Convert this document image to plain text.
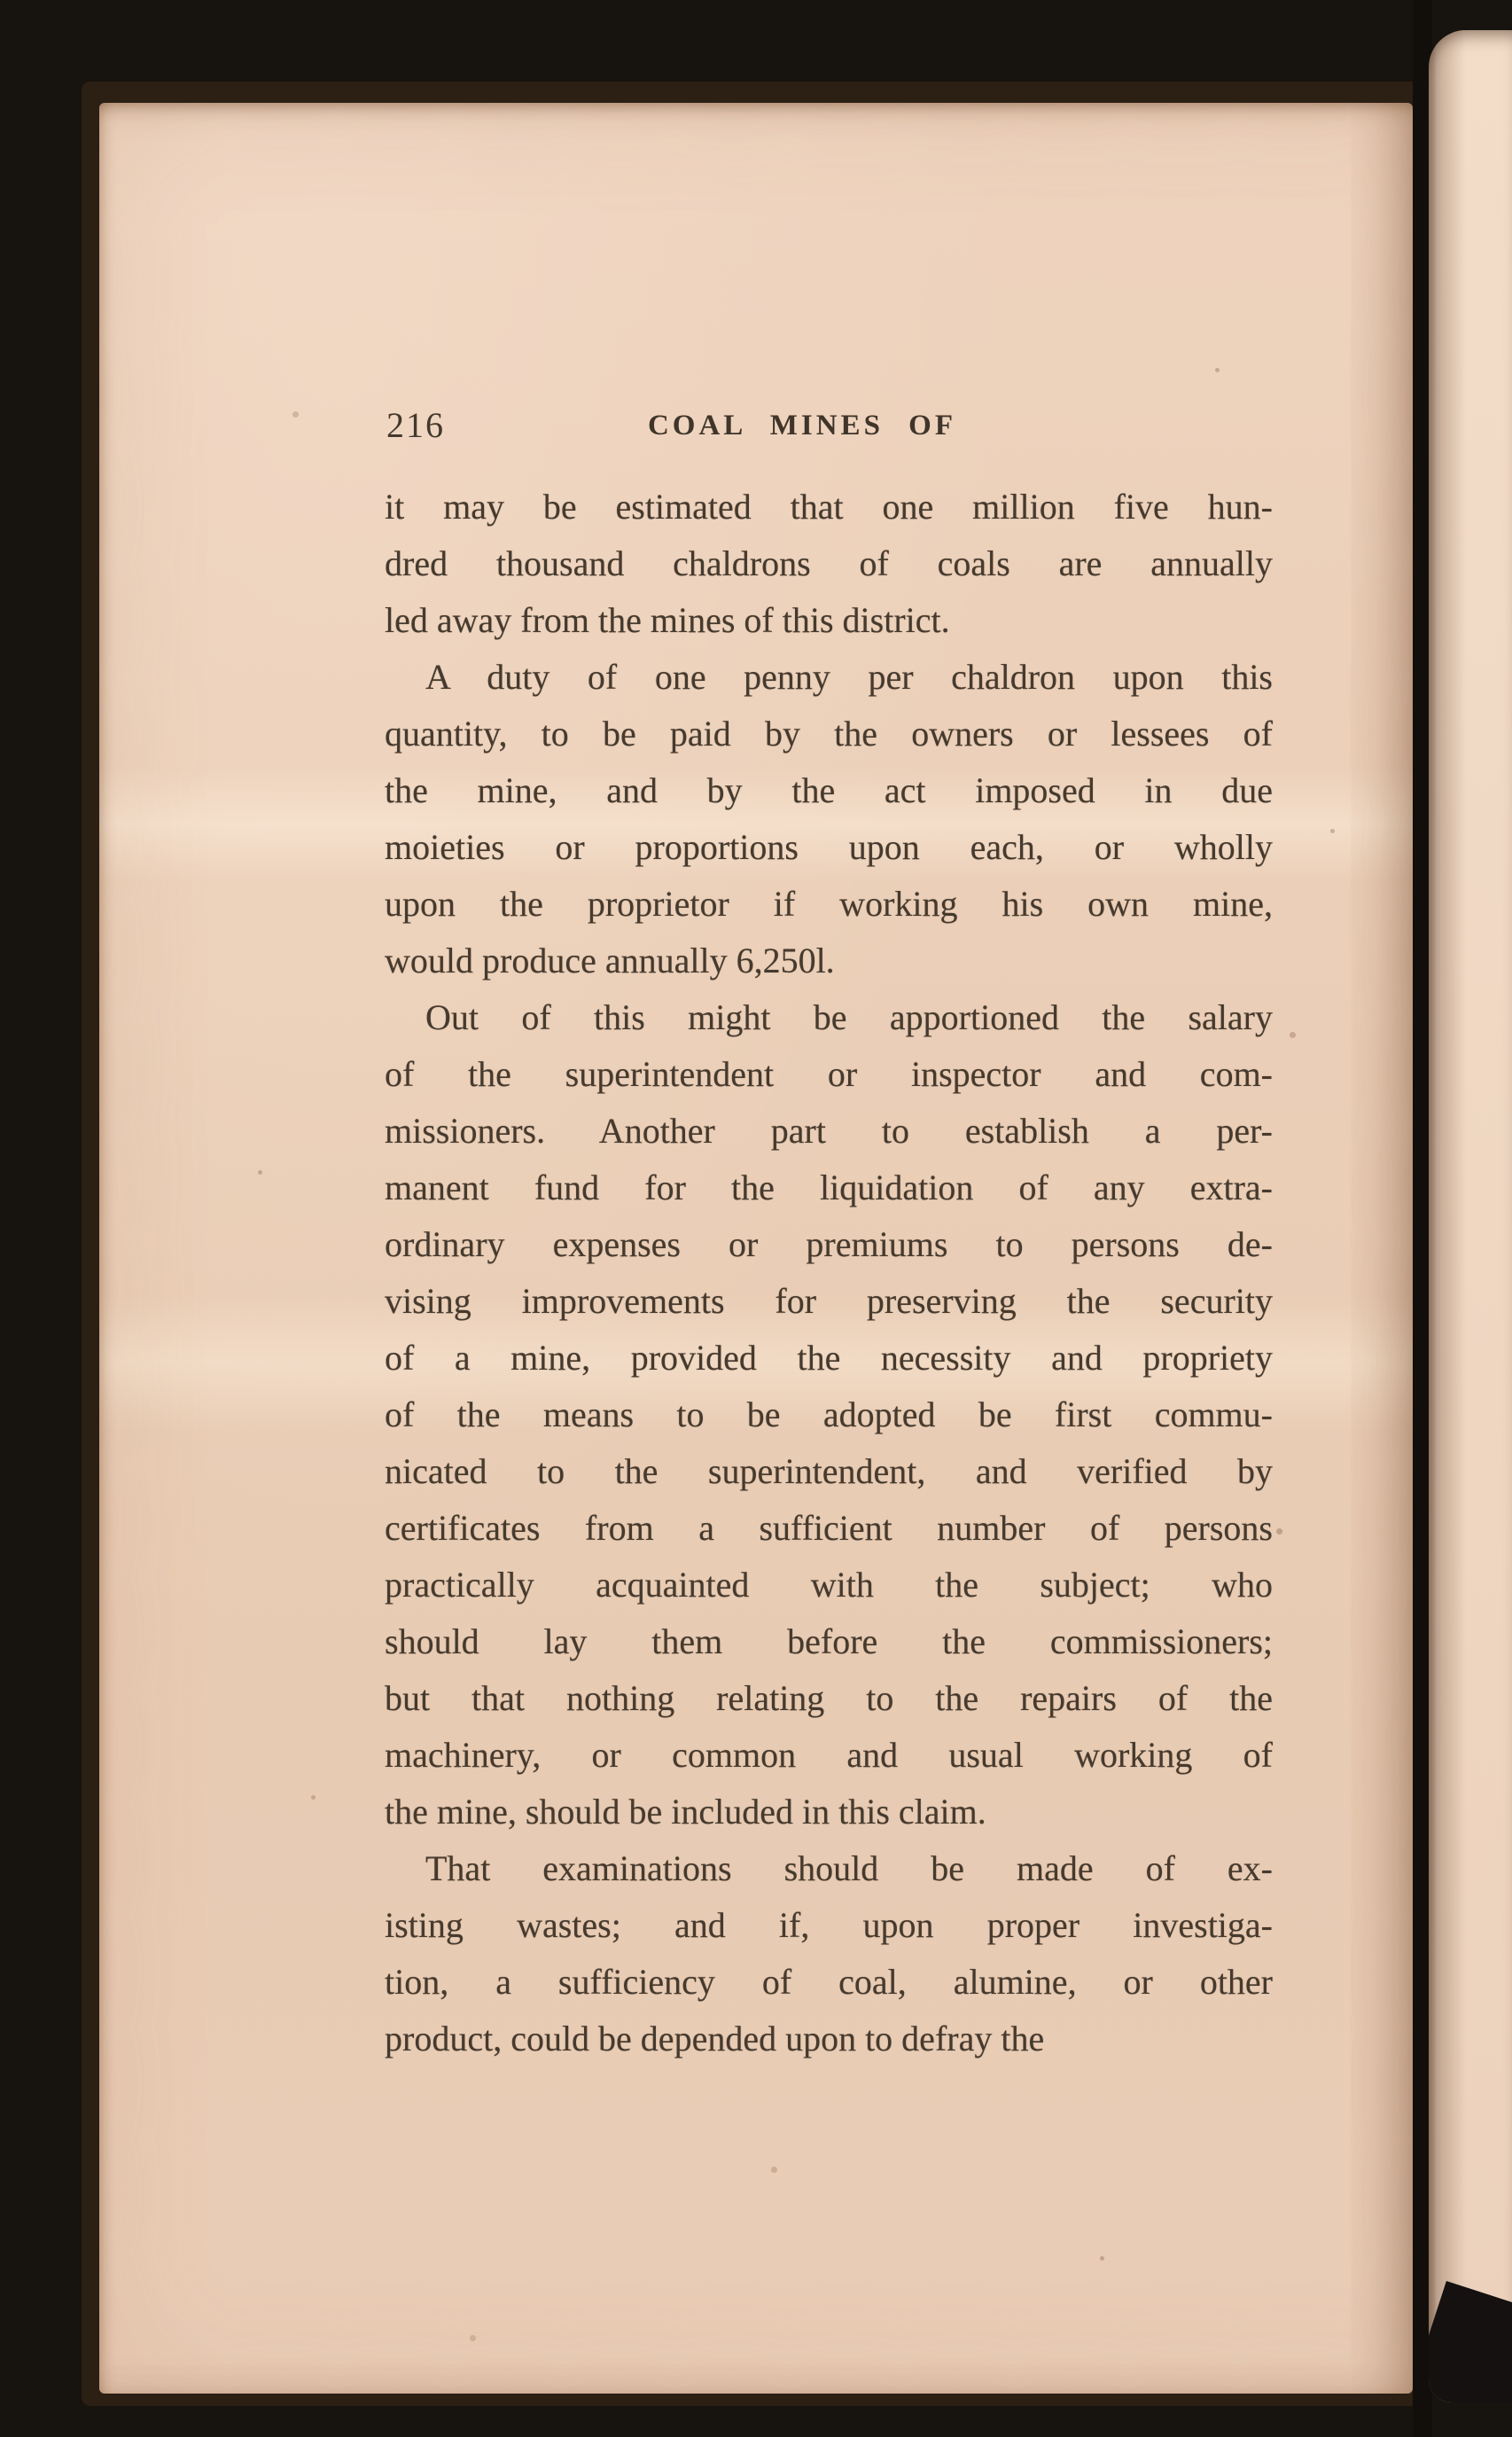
216	COAL MINES OF
it may be estimated that one million five hun-
dred thousand chaldrons of coals are annually
led away from the mines of this district.
A duty of one penny per chaldron upon this
quantity, to be paid by the owners or lessees of
the mine, and by the act imposed in due
moieties or proportions upon each, or wholly
upon the proprietor if working his own mine,
would produce annually 6,250l.
Out of this might be apportioned the salary
of the superintendent or inspector and com-
missioners. Another part to establish a per-
manent fund for the liquidation of any extra-
ordinary expenses or premiums to persons de-
vising improvements for preserving the security
of a mine, provided the necessity and propriety
of the means to be adopted be first commu-
nicated to the superintendent, and verified by
certificates from a sufficient number of persons
practically acquainted with the subject; who
should lay them before the commissioners;
but that nothing relating to the repairs of the
machinery, or common and usual working of
the mine, should be included in this claim.
That examinations should be made of ex-
isting wastes; and if, upon proper investiga-
tion, a sufficiency of coal, alumine, or other
product, could be depended upon to defray the
